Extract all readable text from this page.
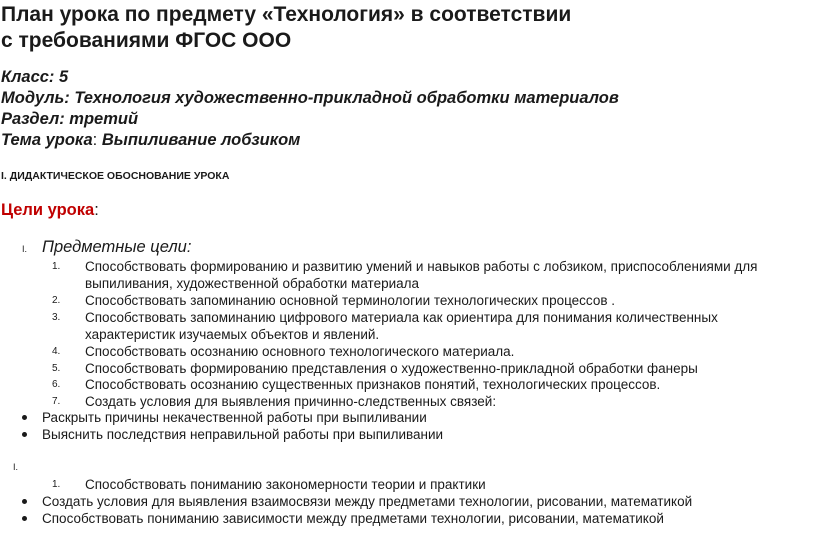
План урока по предмету «Технология» в соответствии
с требованиями ФГОС ООО
Класс: 5
Модуль: Технология художественно-прикладной обработки материалов
Раздел: третий
Тема урока: Выпиливание лобзиком
I. ДИДАКТИЧЕСКОЕ ОБОСНОВАНИЕ УРОКА
Цели урока:
I. Предметные цели:
1.	Способствовать формированию и развитию умений и навыков работы с лобзиком, приспособлениями для
выпиливания, художественной обработки материала
2.	Способствовать запоминанию основной терминологии технологических процессов .
3.	Способствовать запоминанию цифрового материала как ориентира для понимания количественных
характеристик изучаемых объектов и явлений.
4.	Способствовать осознанию основного технологического материала.
5.	Способствовать формированию представления о художественно-прикладной обработки фанеры
6.	Способствовать осознанию существенных признаков понятий, технологических процессов.
7.	Создать условия для выявления причинно-следственных связей:
Раскрыть причины некачественной работы при выпиливании
Выяснить последствия неправильной работы при выпиливании
I.
1.	Способствовать пониманию закономерности теории и практики
Создать условия для выявления взаимосвязи между предметами технологии, рисовании, математикой
Способствовать пониманию зависимости между предметами технологии, рисовании, математикой
